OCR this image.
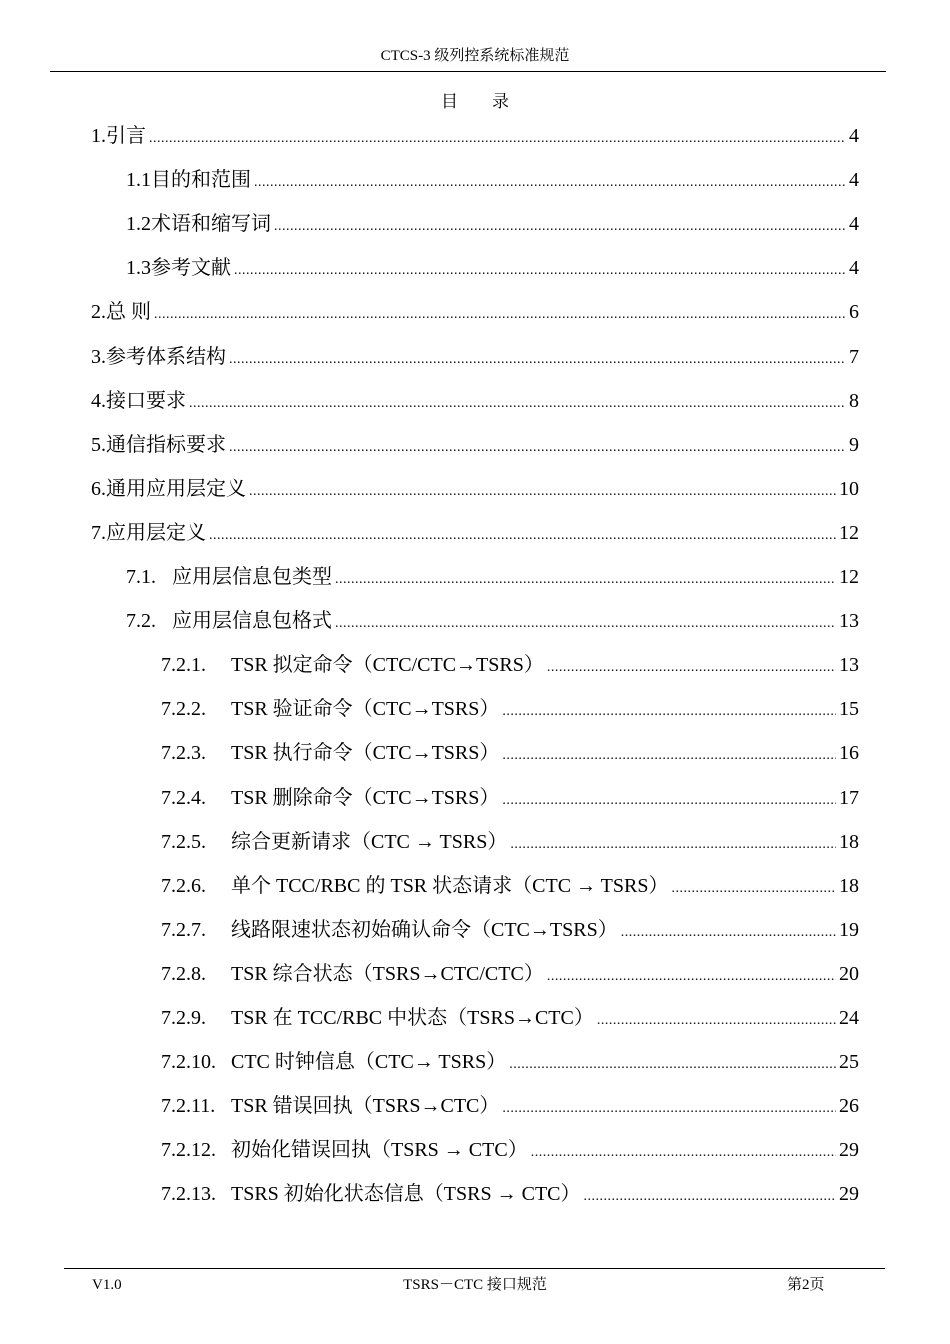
CTCS-3 级列控系统标准规范
目　　录
1. 引言 .....	4
1.1 目的和范围 .....	4
1.2 术语和缩写词 .....	4
1.3 参考文献 .....	4
2. 总 则 .....	6
3. 参考体系结构 .....	7
4. 接口要求 .....	8
5. 通信指标要求 .....	9
6. 通用应用层定义 .....	10
7. 应用层定义 .....	12
7.1. 应用层信息包类型 .....	12
7.2. 应用层信息包格式 .....	13
7.2.1.	TSR 拟定命令（CTC/CTC→TSRS） .....	13
7.2.2.	TSR 验证命令（CTC→TSRS） .....	15
7.2.3.	TSR 执行命令（CTC→TSRS） .....	16
7.2.4.	TSR 删除命令（CTC→TSRS） .....	17
7.2.5.	综合更新请求（CTC → TSRS） .....	18
7.2.6.	单个 TCC/RBC 的 TSR 状态请求（CTC → TSRS） .....	18
7.2.7.	线路限速状态初始确认命令（CTC→TSRS） .....	19
7.2.8.	TSR 综合状态（TSRS→CTC/CTC） .....	20
7.2.9.	TSR 在 TCC/RBC 中状态（TSRS→CTC） .....	24
7.2.10. CTC 时钟信息（CTC→ TSRS） .....	25
7.2.11. TSR 错误回执（TSRS→CTC） .....	26
7.2.12. 初始化错误回执（TSRS → CTC） .....	29
7.2.13. TSRS 初始化状态信息（TSRS → CTC） .....	29
V1.0	TSRS－CTC 接口规范	第2页
